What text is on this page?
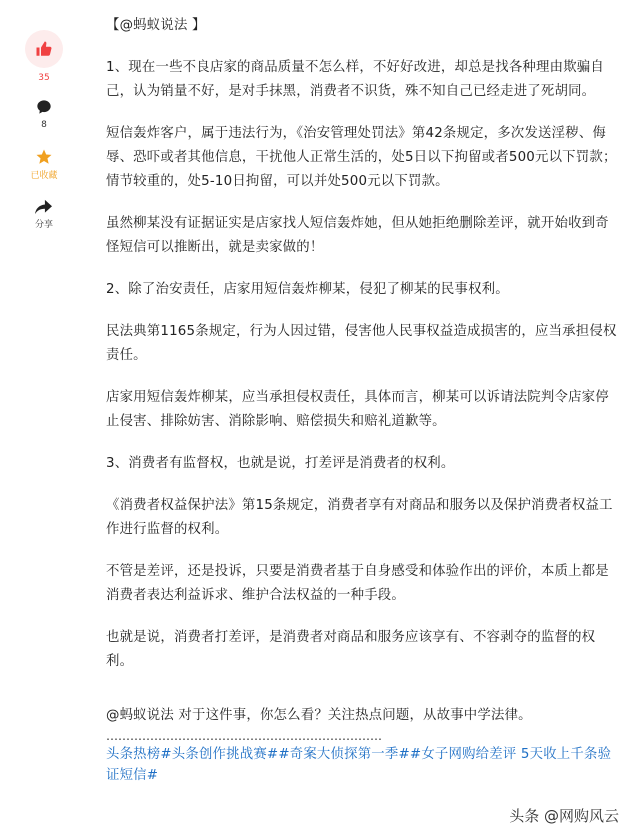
35
8
已收藏
分享

【@蚂蚁说法 】

1、现在一些不良店家的商品质量不怎么样，不好好改进，却总是找各种理由欺骗自己，认为销量不好，是对手抹黑，消费者不识货，殊不知自己已经走进了死胡同。

短信轰炸客户，属于违法行为，《治安管理处罚法》第42条规定，多次发送淫秽、侮辱、恐吓或者其他信息，干扰他人正常生活的，处5日以下拘留或者500元以下罚款；情节较重的，处5-10日拘留，可以并处500元以下罚款。

虽然柳某没有证据证实是店家找人短信轰炸她，但从她拒绝删除差评，就开始收到奇怪短信可以推断出，就是卖家做的！

2、除了治安责任，店家用短信轰炸柳某，侵犯了柳某的民事权利。

民法典第1165条规定，行为人因过错，侵害他人民事权益造成损害的，应当承担侵权责任。

店家用短信轰炸柳某，应当承担侵权责任，具体而言，柳某可以诉请法院判令店家停止侵害、排除妨害、消除影响、赔偿损失和赔礼道歉等。

3、消费者有监督权，也就是说，打差评是消费者的权利。

《消费者权益保护法》第15条规定，消费者享有对商品和服务以及保护消费者权益工作进行监督的权利。

不管是差评，还是投诉，只要是消费者基于自身感受和体验作出的评价，本质上都是消费者表达利益诉求、维护合法权益的一种手段。

也就是说，消费者打差评，是消费者对商品和服务应该享有、不容剥夺的监督的权利。

@蚂蚁说法 对于这件事，你怎么看？关注热点问题，从故事中学法律。

……………………………………………………………
头条热榜#头条创作挑战赛##奇案大侦探第一季##女子网购给差评 5天收上千条验证短信#
头条 @网购风云
